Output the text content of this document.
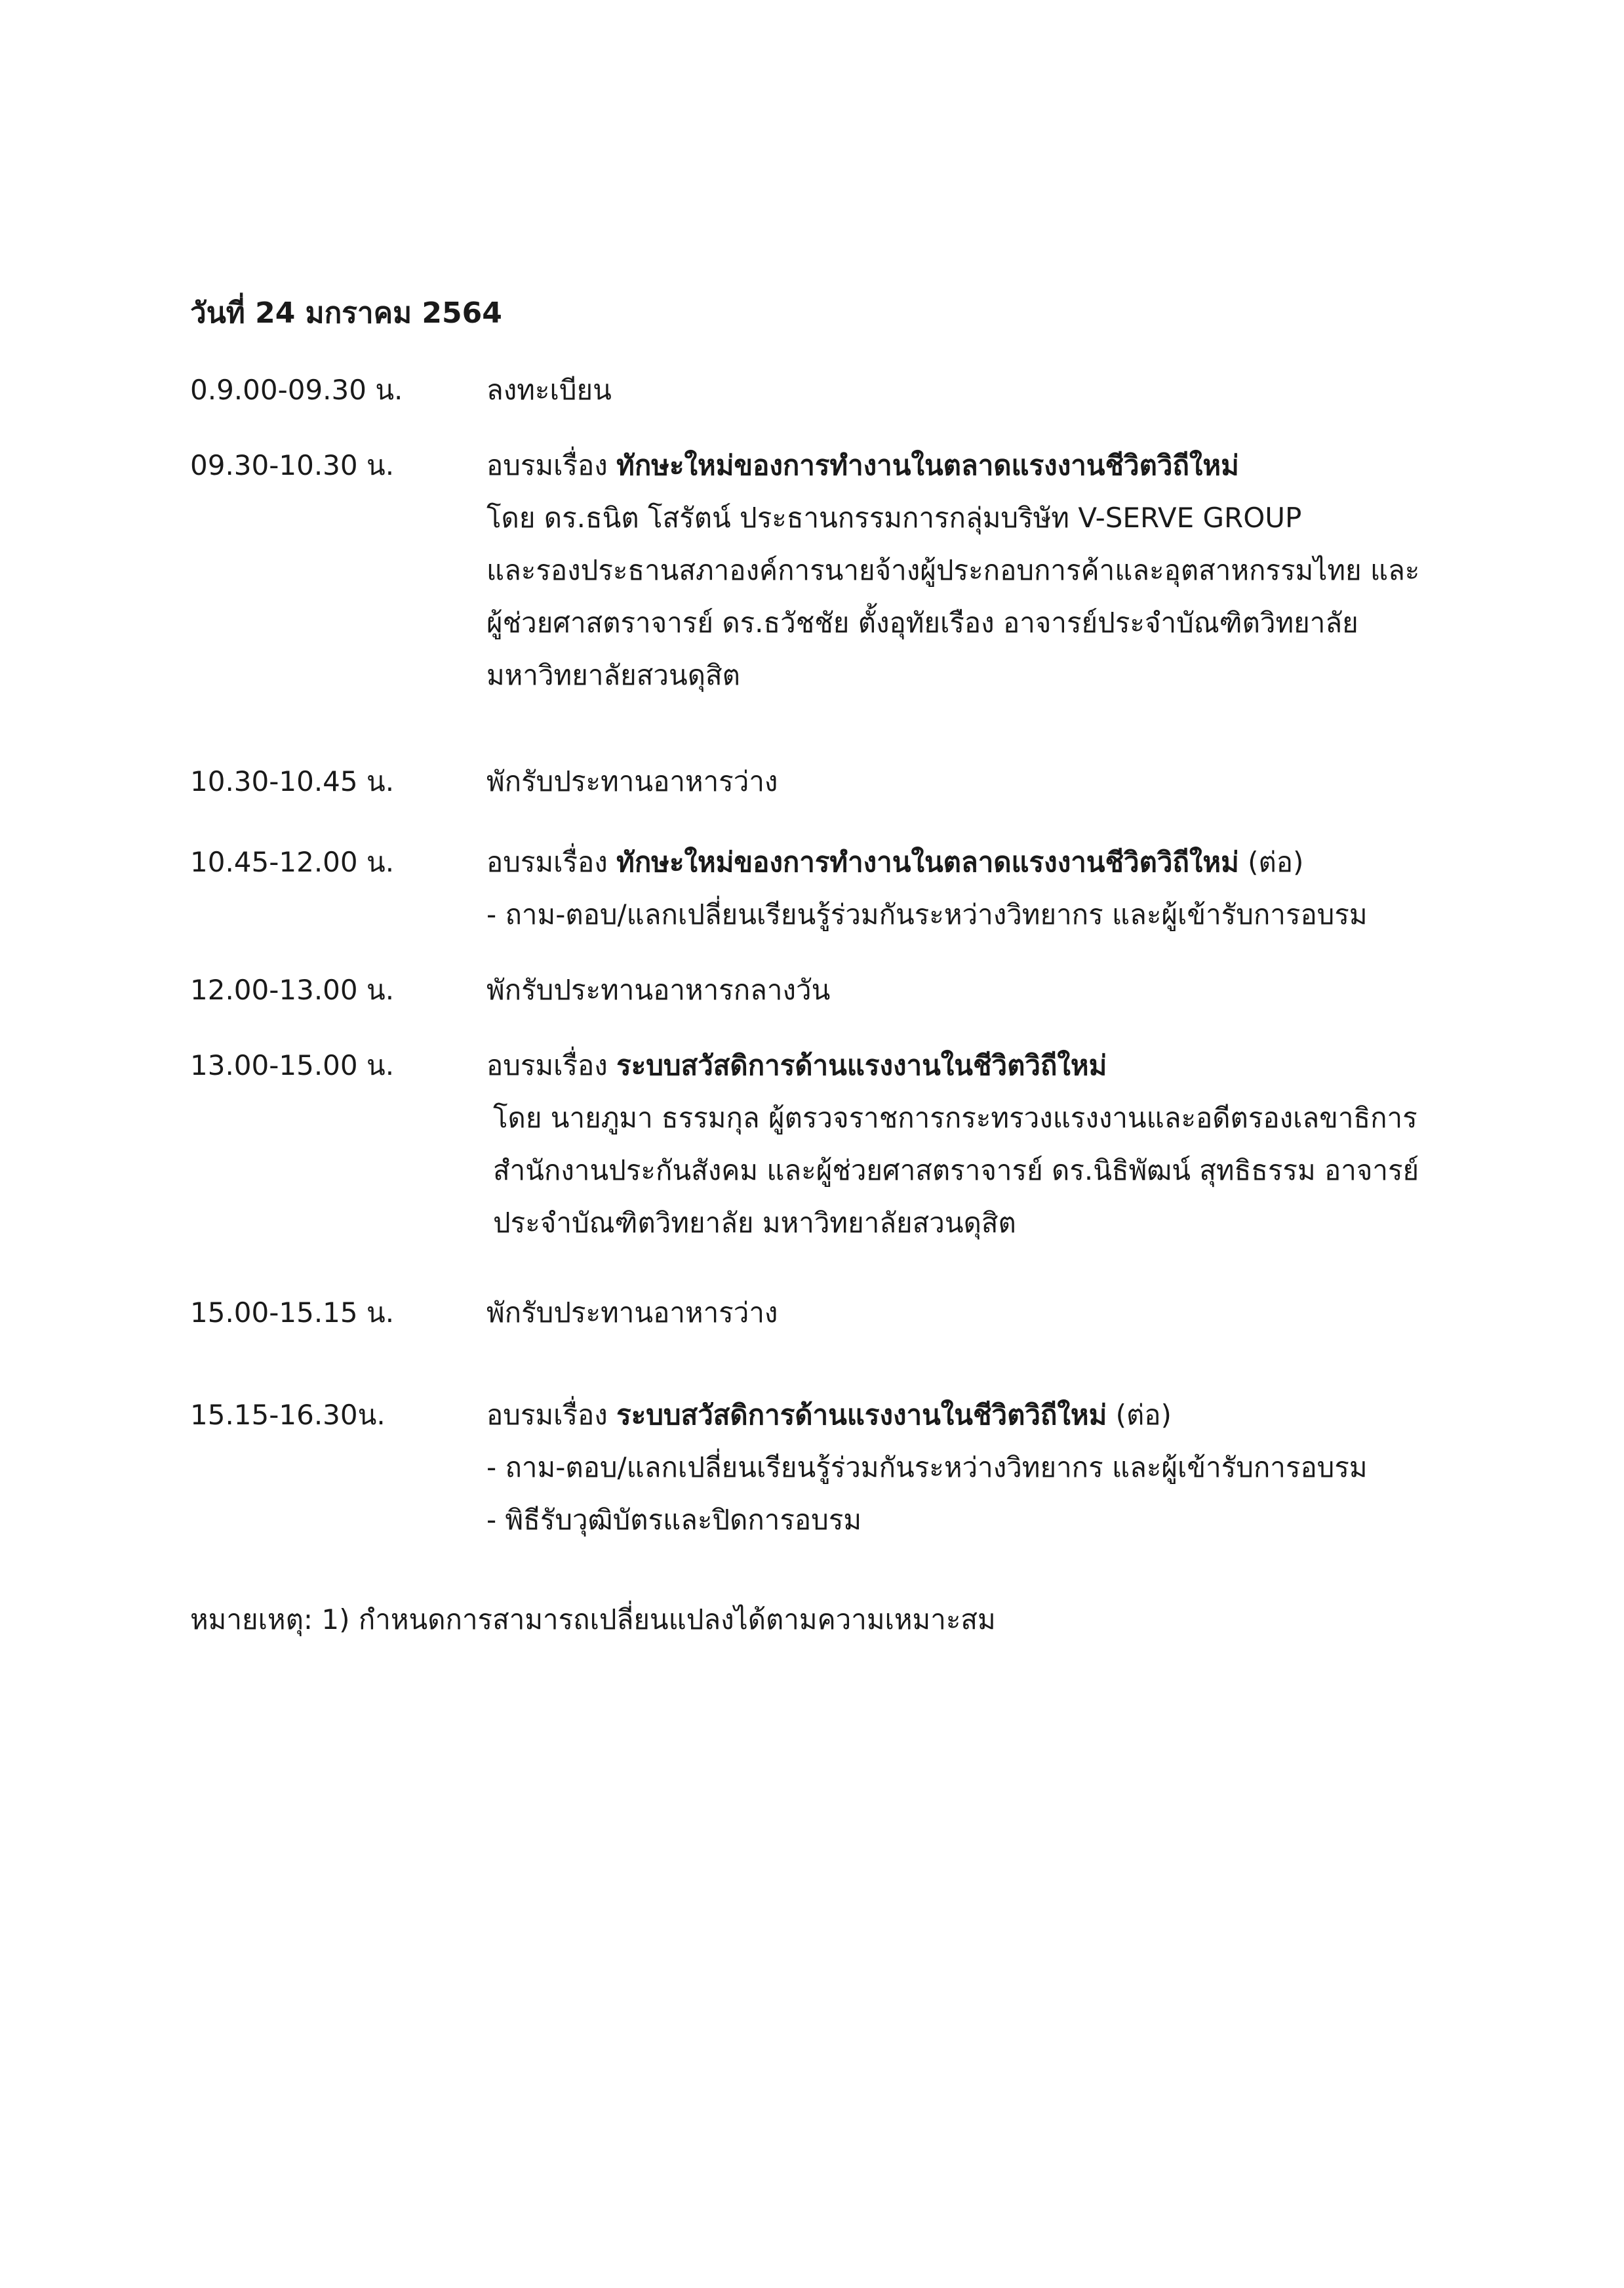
วันที่ 24 มกราคม 2564
0.9.00-09.30 น.	ลงทะเบียน
09.30-10.30 น.	อบรมเรื่อง ทักษะใหม่ของการทำงานในตลาดแรงงานชีวิตวิถีใหม่
โดย ดร.ธนิต โสรัตน์ ประธานกรรมการกลุ่มบริษัท V-SERVE GROUP
และรองประธานสภาองค์การนายจ้างผู้ประกอบการค้าและอุตสาหกรรมไทย และ
ผู้ช่วยศาสตราจารย์ ดร.ธวัชชัย ตั้งอุทัยเรือง อาจารย์ประจำบัณฑิตวิทยาลัย
มหาวิทยาลัยสวนดุสิต
10.30-10.45 น.	พักรับประทานอาหารว่าง
10.45-12.00 น.	อบรมเรื่อง ทักษะใหม่ของการทำงานในตลาดแรงงานชีวิตวิถีใหม่ (ต่อ)
- ถาม-ตอบ/แลกเปลี่ยนเรียนรู้ร่วมกันระหว่างวิทยากร และผู้เข้ารับการอบรม
12.00-13.00 น.	พักรับประทานอาหารกลางวัน
13.00-15.00 น.	อบรมเรื่อง ระบบสวัสดิการด้านแรงงานในชีวิตวิถีใหม่
โดย นายภูมา ธรรมกุล ผู้ตรวจราชการกระทรวงแรงงานและอดีตรองเลขาธิการ
สำนักงานประกันสังคม และผู้ช่วยศาสตราจารย์ ดร.นิธิพัฒน์ สุทธิธรรม อาจารย์
ประจำบัณฑิตวิทยาลัย มหาวิทยาลัยสวนดุสิต
15.00-15.15 น.	พักรับประทานอาหารว่าง
15.15-16.30น.	อบรมเรื่อง ระบบสวัสดิการด้านแรงงานในชีวิตวิถีใหม่ (ต่อ)
- ถาม-ตอบ/แลกเปลี่ยนเรียนรู้ร่วมกันระหว่างวิทยากร และผู้เข้ารับการอบรม
- พิธีรับวุฒิบัตรและปิดการอบรม
หมายเหตุ: 1) กำหนดการสามารถเปลี่ยนแปลงได้ตามความเหมาะสม
